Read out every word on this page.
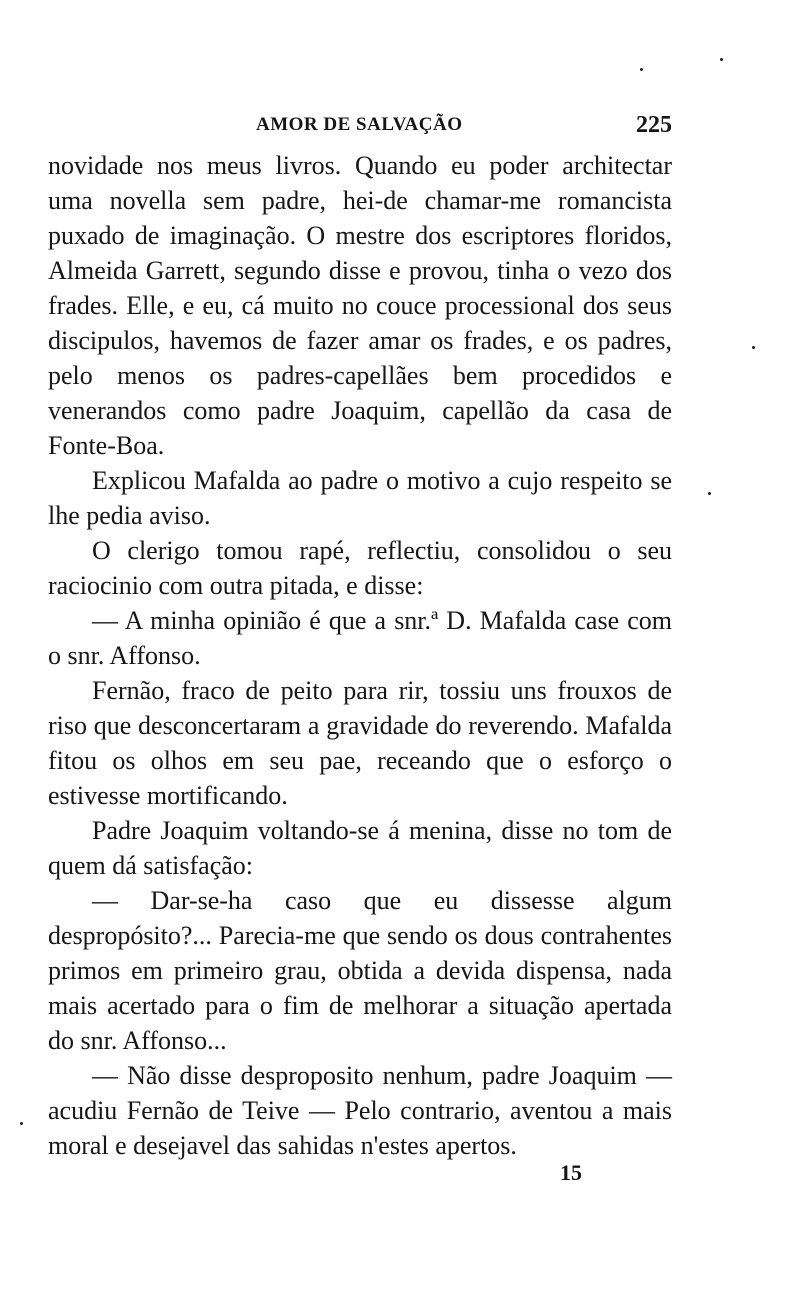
AMOR DE SALVAÇÃO	225

novidade nos meus livros. Quando eu poder architectar uma novella sem padre, hei-de chamar-me romancista puxado de imaginação. O mestre dos escriptores floridos, Almeida Garrett, segundo disse e provou, tinha o vezo dos frades. Elle, e eu, cá muito no couce processional dos seus discipulos, havemos de fazer amar os frades, e os padres, pelo menos os padres-capellães bem procedidos e venerandos como padre Joaquim, capellão da casa de Fonte-Boa.

Explicou Mafalda ao padre o motivo a cujo respeito se lhe pedia aviso.

O clerigo tomou rapé, reflectiu, consolidou o seu raciocinio com outra pitada, e disse:

— A minha opinião é que a snr.ª D. Mafalda case com o snr. Affonso.

Fernão, fraco de peito para rir, tossiu uns frouxos de riso que desconcertaram a gravidade do reverendo. Mafalda fitou os olhos em seu pae, receando que o esforço o estivesse mortificando.

Padre Joaquim voltando-se á menina, disse no tom de quem dá satisfação:

— Dar-se-ha caso que eu dissesse algum despropósito?... Parecia-me que sendo os dous contrahentes primos em primeiro grau, obtida a devida dispensa, nada mais acertado para o fim de melhorar a situação apertada do snr. Affonso...

— Não disse desproposito nenhum, padre Joaquim — acudiu Fernão de Teive — Pelo contrario, aventou a mais moral e desejavel das sahidas n'estes apertos.

15
